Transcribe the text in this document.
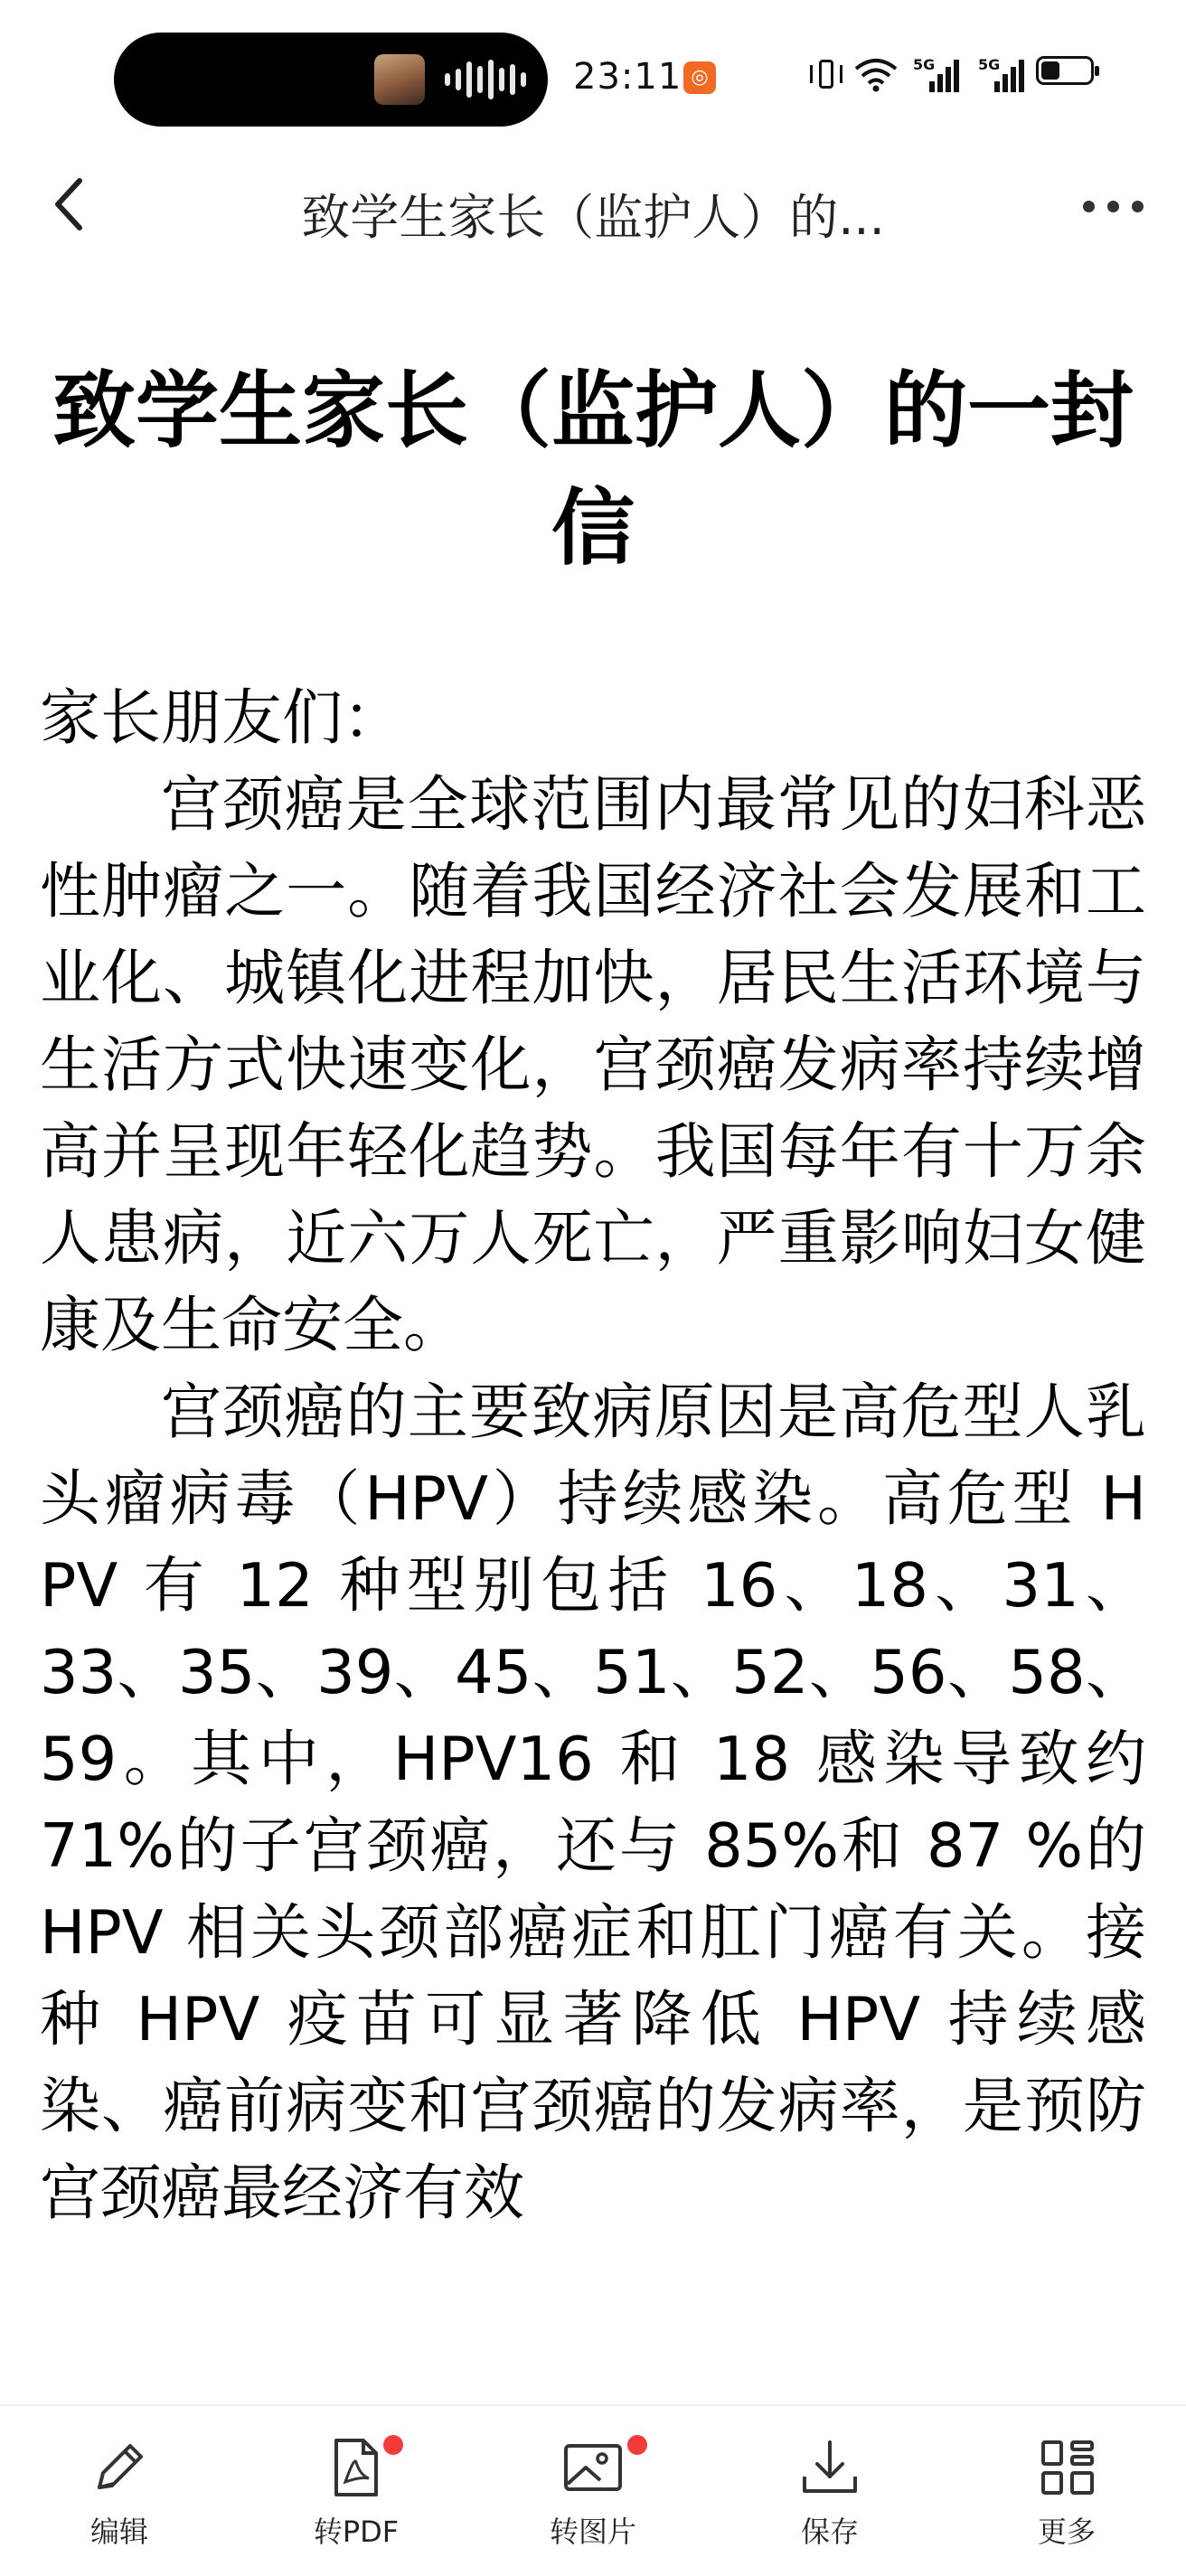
23:11 ◎
5G	5G
致学生家长（监护人）的...
致学生家长（监护人）的一封信

家长朋友们：

宫颈癌是全球范围内最常见的妇科恶性肿瘤之一。随着我国经济社会发展和工业化、城镇化进程加快，居民生活环境与生活方式快速变化，宫颈癌发病率持续增高并呈现年轻化趋势。我国每年有十万余人患病，近六万人死亡，严重影响妇女健康及生命安全。

宫颈癌的主要致病原因是高危型人乳头瘤病毒（HPV）持续感染。高危型 H PV 有 12 种型别包括 16、18、31、33、35、39、45、51、52、56、58、59。其中，HPV16 和 18 感染导致约 71%的子宫颈癌，还与 85%和 87 %的 HPV 相关头颈部癌症和肛门癌有关。接种 HPV 疫苗可显著降低 HPV 持续感染、癌前病变和宫颈癌的发病率，是预防宫颈癌最经济有效

编辑	转PDF	转图片	保存	更多
